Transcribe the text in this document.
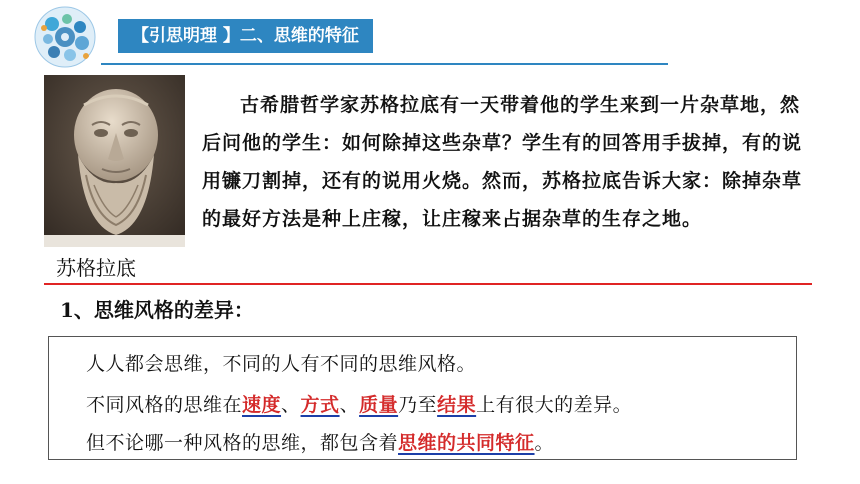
【引思明理 】二、思维的特征
苏格拉底

古希腊哲学家苏格拉底有一天带着他的学生来到一片杂草地，然后问他的学生：如何除掉这些杂草？学生有的回答用手拔掉，有的说用镰刀割掉，还有的说用火烧。然而，苏格拉底告诉大家：除掉杂草的最好方法是种上庄稼，让庄稼来占据杂草的生存之地。

1、思维风格的差异：
人人都会思维，不同的人有不同的思维风格。
不同风格的思维在速度、方式、质量乃至结果上有很大的差异。
但不论哪一种风格的思维，都包含着思维的共同特征。
